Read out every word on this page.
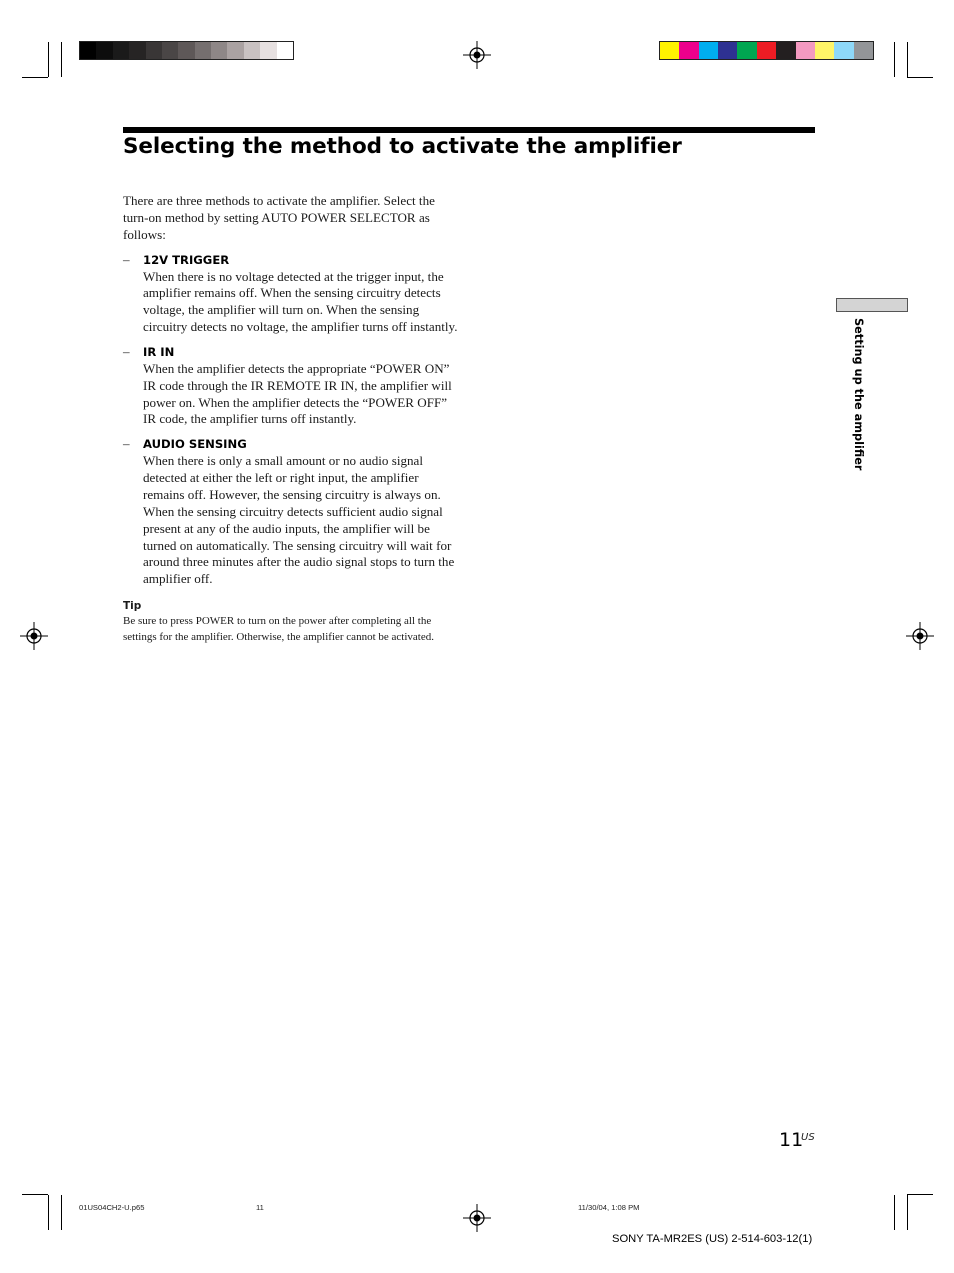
Selecting the method to activate the amplifier

There are three methods to activate the amplifier. Select the turn-on method by setting AUTO POWER SELECTOR as follows:

– 12V TRIGGER

When there is no voltage detected at the trigger input, the amplifier remains off. When the sensing circuitry detects voltage, the amplifier will turn on. When the sensing circuitry detects no voltage, the amplifier turns off instantly.

– IR IN

When the amplifier detects the appropriate “POWER ON” IR code through the IR REMOTE IR IN, the amplifier will power on. When the amplifier detects the “POWER OFF” IR code, the amplifier turns off instantly.

– AUDIO SENSING

When there is only a small amount or no audio signal detected at either the left or right input, the amplifier remains off. However, the sensing circuitry is always on. When the sensing circuitry detects sufficient audio signal present at any of the audio inputs, the amplifier will be turned on automatically. The sensing circuitry will wait for around three minutes after the audio signal stops to turn the amplifier off.

Tip

Be sure to press POWER to turn on the power after completing all the settings for the amplifier. Otherwise, the amplifier cannot be activated.

Setting up the amplifier
11
US
01US04CH2-U.p65	11	11/30/04, 1:08 PM
SONY TA-MR2ES (US) 2-514-603-12(1)
